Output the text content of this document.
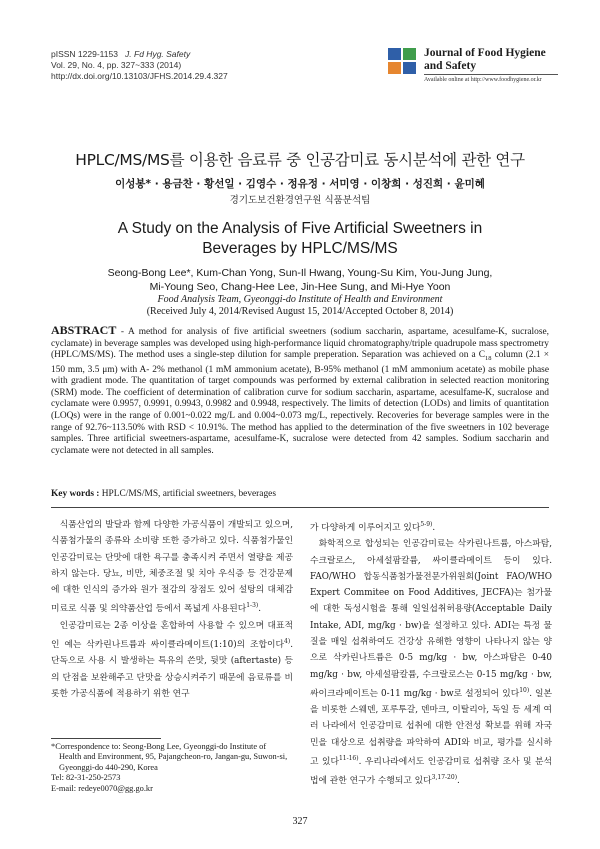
pISSN 1229-1153 J. Fd Hyg. Safety
Vol. 29, No. 4, pp. 327~333 (2014)
http://dx.doi.org/10.13103/JFHS.2014.29.4.327
Journal of Food Hygiene
and Safety
Available online at http://www.foodhygiene.or.kr
HPLC/MS/MS를 이용한 음료류 중 인공감미료 동시분석에 관한 연구
이성봉* · 용금찬 · 황선일 · 김영수 · 정유정 · 서미영 · 이창희 · 성진희 · 윤미혜
경기도보건환경연구원 식품분석팀
A Study on the Analysis of Five Artificial Sweetners in
Beverages by HPLC/MS/MS
Seong-Bong Lee*, Kum-Chan Yong, Sun-Il Hwang, Young-Su Kim, You-Jung Jung,
Mi-Young Seo, Chang-Hee Lee, Jin-Hee Sung, and Mi-Hye Yoon
Food Analysis Team, Gyeonggi-do Institute of Health and Environment
(Received July 4, 2014/Revised August 15, 2014/Accepted October 8, 2014)
ABSTRACT - A method for analysis of five artificial sweetners (sodium saccharin, aspartame, acesulfame-K, sucralose, cyclamate) in beverage samples was developed using high-performance liquid chromatography/triple quadrupole mass spectrometry (HPLC/MS/MS). The method uses a single-step dilution for sample preperation. Separation was achieved on a $C_{18}$ column (2.1 × 150 mm, 3.5 μm) with A- 2% methanol (1 mM ammonium acetate), B-95% methanol (1 mM ammonium acetate) as mobile phase with gradient mode. The quantitation of target compounds was performed by external calibration in selected reaction monitoring (SRM) mode. The coefficient of determination of calibration curve for sodium saccharin, aspartame, acesulfame-K, sucralose and cyclamate were 0.9957, 0.9991, 0.9943, 0.9982 and 0.9948, respectively. The limits of detection (LODs) and limits of quantitation (LOQs) were in the range of 0.001~0.022 mg/L and 0.004~0.073 mg/L, repectively. Recoveries for beverage samples were in the range of 92.76~113.50% with RSD < 10.91%. The method has applied to the determination of the five sweetners in 102 beverage samples. Three artificial sweetners-aspartame, acesulfame-K, sucralose were detected from 42 samples. Sodium saccharin and cyclamate were not detected in all samples.
Key words : HPLC/MS/MS, artificial sweetners, beverages

식품산업의 발달과 함께 다양한 가공식품이 개발되고 있으며, 식품첨가물의 종류와 소비량 또한 증가하고 있다. 식품첨가물인 인공감미료는 단맛에 대한 욕구를 충족시켜 주면서 열량을 제공하지 않는다. 당뇨, 비만, 체중조절 및 치아 우식증 등 건강문제에 대한 인식의 증가와 원가 절감의 장점도 있어 설탕의 대체감미료로 식품 및 의약품산업 등에서 폭넓게 사용된다$^{1-3)}$.

인공감미료는 2종 이상을 혼합하여 사용할 수 있으며 대표적인 예는 삭카린나트륨과 싸이클라메이트(1:10)의 조합이다$^{4)}$. 단독으로 사용 시 발생하는 특유의 쓴맛, 뒷맛 (aftertaste) 등의 단점을 보완해주고 단맛을 상승시켜주기 때문에 음료류를 비롯한 가공식품에 적용하기 위한 연구

가 다양하게 이루어지고 있다$^{5-9)}$.

화학적으로 합성되는 인공감미료는 삭카린나트륨, 아스파탐, 수크랄로스, 아세설팜칼륨, 싸이클라메이트 등이 있다. FAO/WHO 합동식품첨가물전문가위원회(Joint FAO/WHO Expert Commitee on Food Additives, JECFA)는 첨가물에 대한 독성시험을 통해 일일섭취허용량(Acceptable Daily Intake, ADI, mg/kg · bw)을 설정하고 있다. ADI는 특정 물질을 매일 섭취하여도 건강상 유해한 영향이 나타나지 않는 양으로 삭카린나트륨은 0-5 mg/kg · bw, 아스파탐은 0-40 mg/kg · bw, 아세설팜칼륨, 수크랄로스는 0-15 mg/kg · bw, 싸이크라메이트는 0-11 mg/kg · bw로 설정되어 있다$^{10)}$. 일본을 비롯한 스웨덴, 포루투갈, 덴마크, 이탈리아, 독일 등 세계 여러 나라에서 인공감미료 섭취에 대한 안전성 확보를 위해 자국민을 대상으로 섭취량을 파악하여 ADI와 비교, 평가를 실시하고 있다$^{11-16)}$. 우리나라에서도 인공감미료 섭취량 조사 및 분석법에 관한 연구가 수행되고 있다$^{3,17-20)}$.

*Correspondence to: Seong-Bong Lee, Gyeonggi-do Institute of
Health and Environment, 95, Pajangcheon-ro, Jangan-gu, Suwon-si,
Gyeonggi-do 440-290, Korea
Tel: 82-31-250-2573
E-mail: redeye0070@gg.go.kr
327
